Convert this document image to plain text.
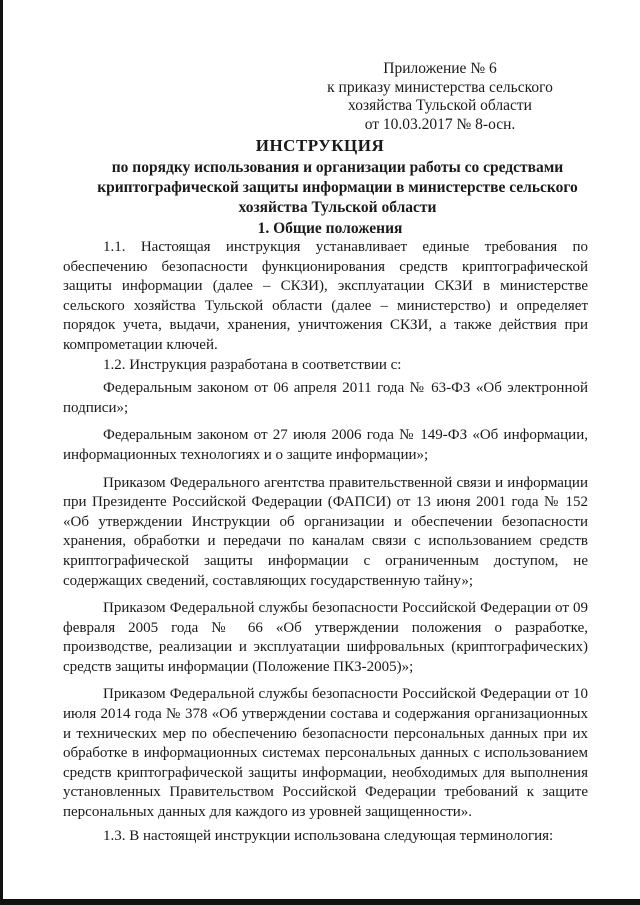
Приложение № 6
к приказу министерства сельского
хозяйства Тульской области
от 10.03.2017 № 8-осн.
ИНСТРУКЦИЯ
по порядку использования и организации работы со средствами криптографической защиты информации в министерстве сельского хозяйства Тульской области
1. Общие положения

1.1. Настоящая инструкция устанавливает единые требования по обеспечению безопасности функционирования средств криптографической защиты информации (далее – СКЗИ), эксплуатации СКЗИ в министерстве сельского хозяйства Тульской области (далее – министерство) и определяет порядок учета, выдачи, хранения, уничтожения СКЗИ, а также действия при компрометации ключей.

1.2. Инструкция разработана в соответствии с:

Федеральным законом от 06 апреля 2011 года № 63-ФЗ «Об электронной подписи»;

Федеральным законом от 27 июля 2006 года № 149-ФЗ «Об информации, информационных технологиях и о защите информации»;

Приказом Федерального агентства правительственной связи и информации при Президенте Российской Федерации (ФАПСИ) от 13 июня 2001 года № 152 «Об утверждении Инструкции об организации и обеспечении безопасности хранения, обработки и передачи по каналам связи с использованием средств криптографической защиты информации с ограниченным доступом, не содержащих сведений, составляющих государственную тайну»;

Приказом Федеральной службы безопасности Российской Федерации от 09 февраля 2005 года № 66 «Об утверждении положения о разработке, производстве, реализации и эксплуатации шифровальных (криптографических) средств защиты информации (Положение ПКЗ-2005)»;

Приказом Федеральной службы безопасности Российской Федерации от 10 июля 2014 года № 378 «Об утверждении состава и содержания организационных и технических мер по обеспечению безопасности персональных данных при их обработке в информационных системах персональных данных с использованием средств криптографической защиты информации, необходимых для выполнения установленных Правительством Российской Федерации требований к защите персональных данных для каждого из уровней защищенности».

1.3. В настоящей инструкции использована следующая терминология:
